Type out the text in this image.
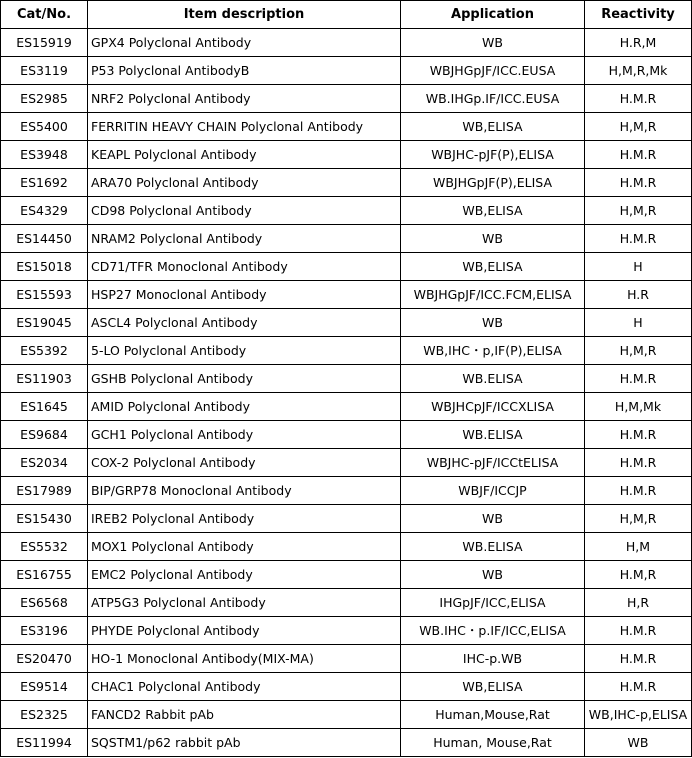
Cat/No.	Item description	Application	Reactivity
ES15919	GPX4 Polyclonal Antibody	WB	H.R,M
ES3119	P53 Polyclonal AntibodyB	WBJHGpJF/ICC.EUSA	H,M,R,Mk
ES2985	NRF2 Polyclonal Antibody	WB.IHGp.IF/ICC.EUSA	H.M.R
ES5400	FERRITIN HEAVY CHAIN Polyclonal Antibody	WB,ELISA	H,M,R
ES3948	KEAPL Polyclonal Antibody	WBJHC-pJF(P),ELISA	H.M.R
ES1692	ARA70 Polyclonal Antibody	WBJHGpJF(P),ELISA	H.M.R
ES4329	CD98 Polyclonal Antibody	WB,ELISA	H,M,R
ES14450	NRAM2 Polyclonal Antibody	WB	H.M.R
ES15018	CD71/TFR Monoclonal Antibody	WB,ELISA	H
ES15593	HSP27 Monoclonal Antibody	WBJHGpJF/ICC.FCM,ELISA	H.R
ES19045	ASCL4 Polyclonal Antibody	WB	H
ES5392	5-LO Polyclonal Antibody	WB,IHC・p,IF(P),ELISA	H,M,R
ES11903	GSHB Polyclonal Antibody	WB.ELISA	H.M.R
ES1645	AMID Polyclonal Antibody	WBJHCpJF/ICCXLISA	H,M,Mk
ES9684	GCH1 Polyclonal Antibody	WB.ELISA	H.M.R
ES2034	COX-2 Polyclonal Antibody	WBJHC-pJF/ICCtELISA	H.M.R
ES17989	BIP/GRP78 Monoclonal Antibody	WBJF/ICCJP	H.M.R
ES15430	IREB2 Polyclonal Antibody	WB	H,M,R
ES5532	MOX1 Polyclonal Antibody	WB.ELISA	H,M
ES16755	EMC2 Polyclonal Antibody	WB	H.M,R
ES6568	ATP5G3 Polyclonal Antibody	IHGpJF/ICC,ELISA	H,R
ES3196	PHYDE Polyclonal Antibody	WB.IHC・p.IF/ICC,ELISA	H.M.R
ES20470	HO-1 Monoclonal Antibody(MIX-MA)	IHC-p.WB	H.M.R
ES9514	CHAC1 Polyclonal Antibody	WB,ELISA	H.M.R
ES2325	FANCD2 Rabbit pAb	Human,Mouse,Rat	WB,IHC-p,ELISA
ES11994	SQSTM1/p62 rabbit pAb	Human, Mouse,Rat	WB
